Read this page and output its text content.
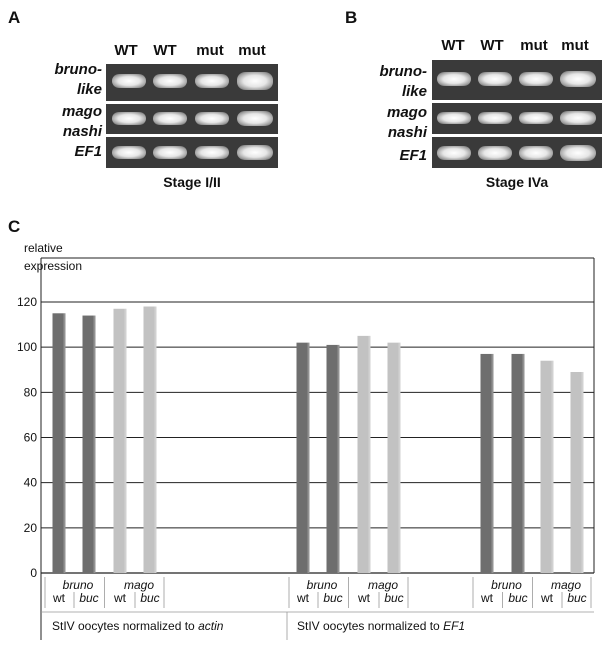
A
WT	WT	mut mut
bruno-
like
mago
nashi
EF1
Stage I/II
B
WT	WT	mut mut
bruno-
like
mago
nashi
EF1
Stage IVa
C
relative
expression
0
20
40
60
80
100
120
wt buc wt buc
bruno	mago
wt buc wt buc
bruno	mago
wt buc wt buc
bruno mago
StIV oocytes normalized to actin	StIV oocytes normalized to EF1
